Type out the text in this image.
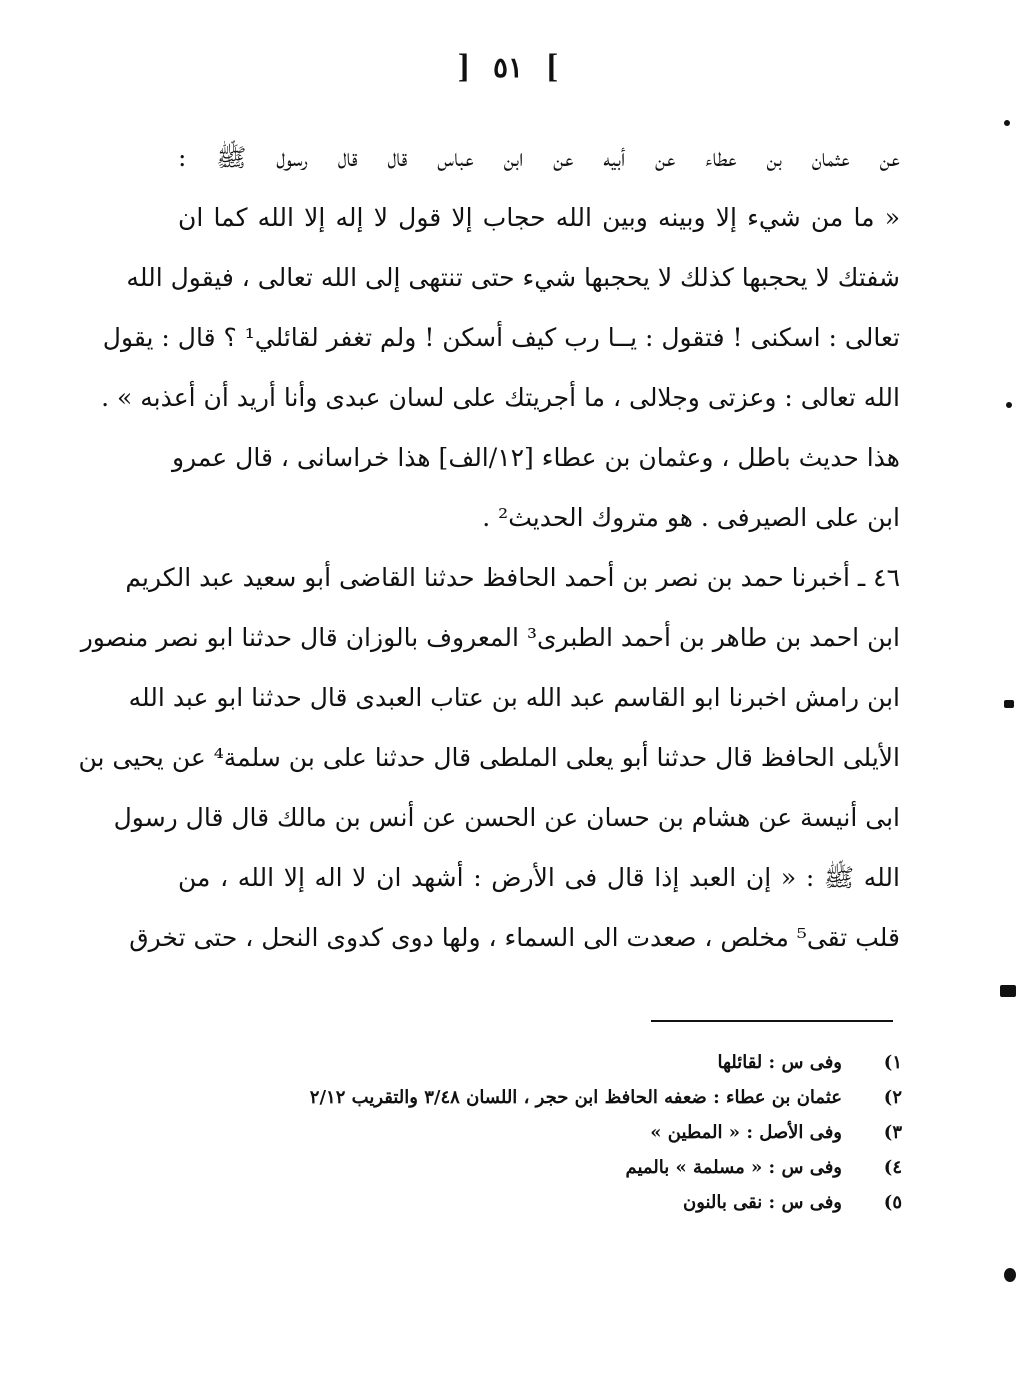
] ٥١ [
عن عثمان بن عطاء عن أبيه عن ابن عباس قال قال رسول ﷺ :
« ما من شيء إلا وبينه وبين الله حجاب إلا قول لا إله إلا الله كما ان
شفتك لا يحجبها كذلك لا يحجبها شيء حتى تنتهى إلى الله تعالى ، فيقول الله
تعالى : اسكنى ! فتقول : يــا رب كيف أسكن ! ولم تغفر لقائلي¹ ؟ قال : يقول
الله تعالى : وعزتى وجلالى ، ما أجريتك على لسان عبدى وأنا أريد أن أعذبه » .
هذا حديث باطل ، وعثمان بن عطاء [١٢/الف] هذا خراسانى ، قال عمرو
ابن على الصيرفى . هو متروك الحديث² .
٤٦ ـ أخبرنا حمد بن نصر بن أحمد الحافظ حدثنا القاضى أبو سعيد عبد الكريم
ابن احمد بن طاهر بن أحمد الطبرى³ المعروف بالوزان قال حدثنا ابو نصر منصور
ابن رامش اخبرنا ابو القاسم عبد الله بن عتاب العبدى قال حدثنا ابو عبد الله
الأيلى الحافظ قال حدثنا أبو يعلى الملطى قال حدثنا على بن سلمة⁴ عن يحيى بن
ابى أنيسة عن هشام بن حسان عن الحسن عن أنس بن مالك قال قال رسول
الله ﷺ : « إن العبد إذا قال فى الأرض : أشهد ان لا اله إلا الله ، من
قلب تقى⁵ مخلص ، صعدت الى السماء ، ولها دوى كدوى النحل ، حتى تخرق
١)
وفى س : لقائلها
٢)
عثمان بن عطاء : ضعفه الحافظ ابن حجر ، اللسان ٣/٤٨ والتقريب ٢/١٢
٣)
وفى الأصل : « المطين »
٤)
وفى س : « مسلمة » بالميم
٥)
وفى س : نقى بالنون
